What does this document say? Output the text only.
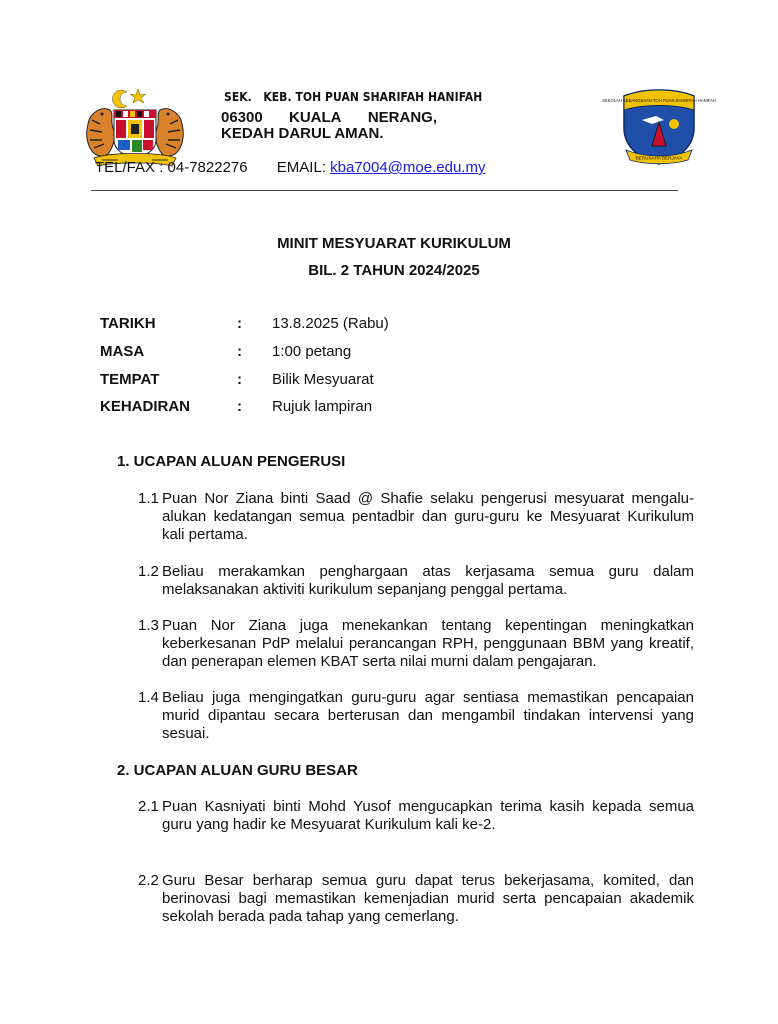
SEK.   KEB. TOH PUAN SHARIFAH HANIFAH
06300 KUALA NERANG,
KEDAH DARUL AMAN.
TEL/FAX : 04-7822276       EMAIL: kba7004@moe.edu.my
SEKOLAH KEBANGSAAN TOH PUAN SHARIFAH HANIFAH
BERUSAHA BERJAYA
MINIT MESYUARAT KURIKULUM
BIL. 2 TAHUN 2024/2025
TARIKH	: 13.8.2025 (Rabu)
MASA	: 1:00 petang
TEMPAT	: Bilik Mesyuarat
KEHADIRAN	: Rujuk lampiran
1. UCAPAN ALUAN PENGERUSI
1.1 Puan Nor Ziana binti Saad @ Shafie selaku pengerusi mesyuarat mengalu-alukan kedatangan semua pentadbir dan guru-guru ke Mesyuarat Kurikulum kali pertama.
1.2 Beliau merakamkan penghargaan atas kerjasama semua guru dalam melaksanakan aktiviti kurikulum sepanjang penggal pertama.
1.3 Puan Nor Ziana juga menekankan tentang kepentingan meningkatkan keberkesanan PdP melalui perancangan RPH, penggunaan BBM yang kreatif, dan penerapan elemen KBAT serta nilai murni dalam pengajaran.
1.4 Beliau juga mengingatkan guru-guru agar sentiasa memastikan pencapaian murid dipantau secara berterusan dan mengambil tindakan intervensi yang sesuai.
2. UCAPAN ALUAN GURU BESAR
2.1 Puan Kasniyati binti Mohd Yusof mengucapkan terima kasih kepada semua guru yang hadir ke Mesyuarat Kurikulum kali ke-2.
2.2 Guru Besar berharap semua guru dapat terus bekerjasama, komited, dan berinovasi bagi memastikan kemenjadian murid serta pencapaian akademik sekolah berada pada tahap yang cemerlang.
